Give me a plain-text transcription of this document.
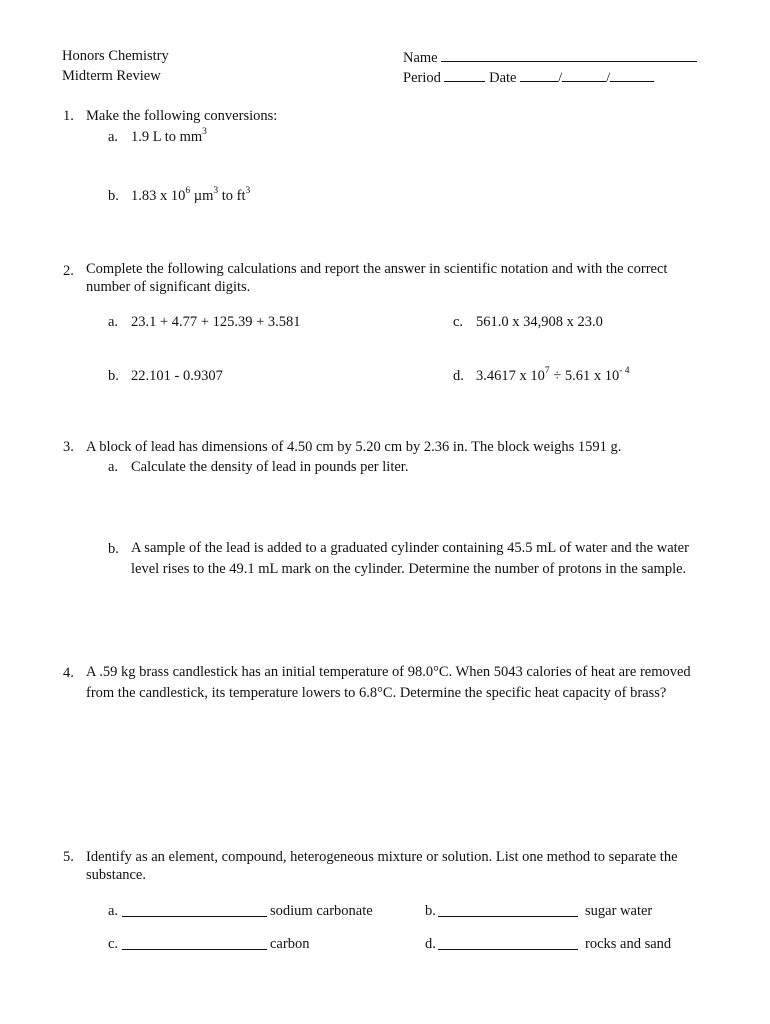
Honors Chemistry
Midterm Review
Name
Period	Date	/	/
1. Make the following conversions:
a. 1.9 L to $mm^3$
b. 1.83 x $10^6$ µm$^3$ to $ft^3$
2. Complete the following calculations and report the answer in scientific notation and with the correct number of significant digits.
a. 23.1 + 4.77 + 125.39 + 3.581	c. 561.0 x 34,908 x 23.0
b. 22.101 - 0.9307	d. 3.4617 x $10^7 \div 5.61$ x $10^{- 4}$
3. A block of lead has dimensions of 4.50 cm by 5.20 cm by 2.36 in. The block weighs 1591 g.
a. Calculate the density of lead in pounds per liter.
b. A sample of the lead is added to a graduated cylinder containing 45.5 mL of water and the water level rises to the 49.1 mL mark on the cylinder. Determine the number of protons in the sample.
4. A .59 kg brass candlestick has an initial temperature of 98.0°C. When 5043 calories of heat are removed from the candlestick, its temperature lowers to 6.8°C. Determine the specific heat capacity of brass?
5. Identify as an element, compound, heterogeneous mixture or solution. List one method to separate the substance.
a.	sodium carbonate	b.	sugar water
c.	carbon	d.	rocks and sand
